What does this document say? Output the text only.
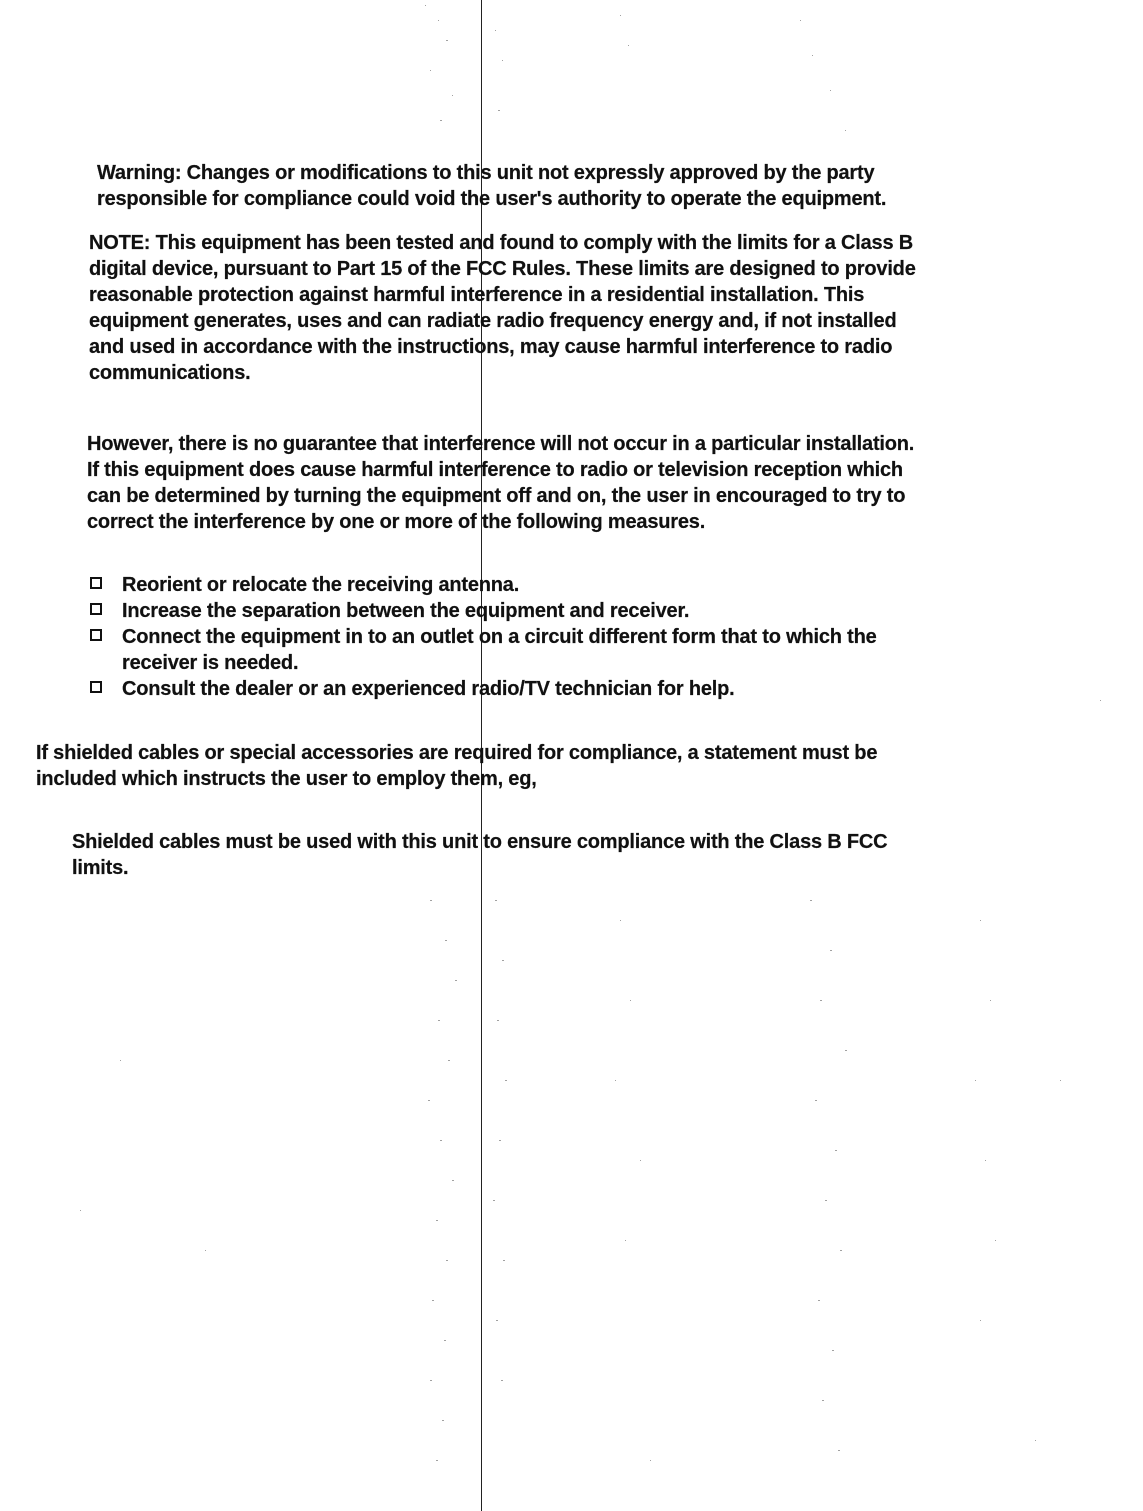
Warning: Changes or modifications to this unit not expressly approved by the party
responsible for compliance could void the user's authority to operate the equipment.
NOTE: This equipment has been tested and found to comply with the limits for a Class B
digital device, pursuant to Part 15 of the FCC Rules. These limits are designed to provide
reasonable protection against harmful interference in a residential installation. This
equipment generates, uses and can radiate radio frequency energy and, if not installed
and used in accordance with the instructions, may cause harmful interference to radio
communications.
However, there is no guarantee that interference will not occur in a particular installation.
If this equipment does cause harmful interference to radio or television reception which
can be determined by turning the equipment off and on, the user in encouraged to try to
correct the interference by one or more of the following measures.
Reorient or relocate the receiving antenna.
Increase the separation between the equipment and receiver.
Connect the equipment in to an outlet on a circuit different form that to which the
receiver is needed.
Consult the dealer or an experienced radio/TV technician for help.
If shielded cables or special accessories are required for compliance, a statement must be
included which instructs the user to employ them, eg,
Shielded cables must be used with this unit to ensure compliance with the Class B FCC
limits.
